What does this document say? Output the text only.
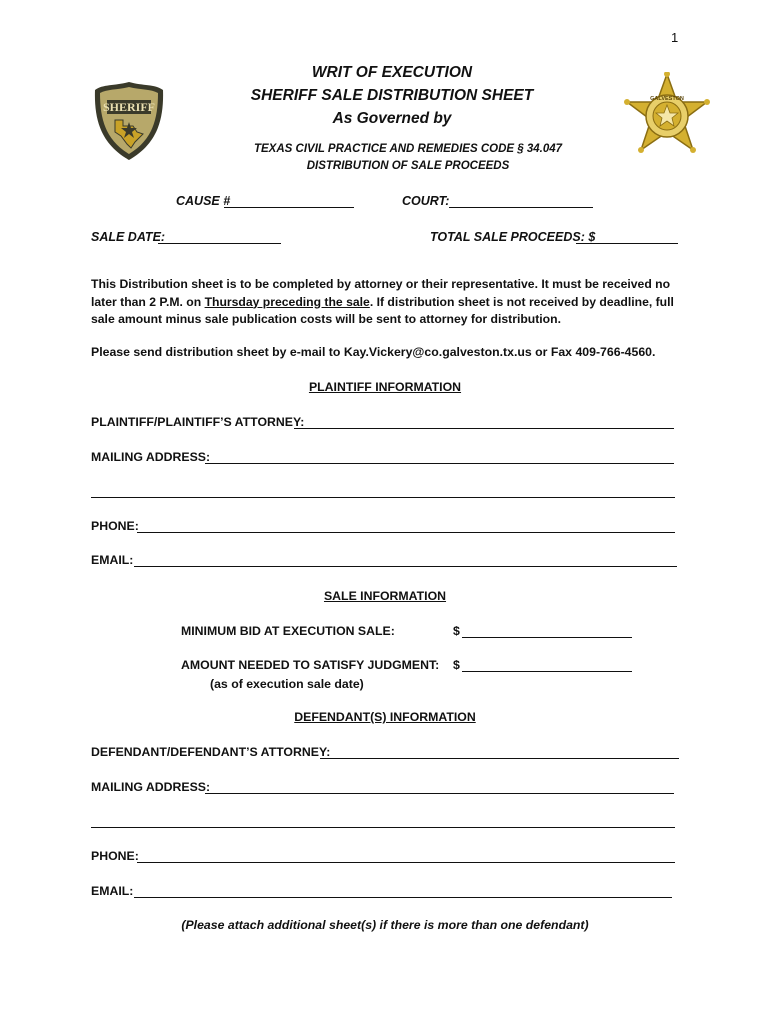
1
SHERIFF
GALVESTON
WRIT OF EXECUTION
SHERIFF SALE DISTRIBUTION SHEET
As Governed by
TEXAS CIVIL PRACTICE AND REMEDIES CODE § 34.047
DISTRIBUTION OF SALE PROCEEDS
CAUSE #	COURT:
SALE DATE:	TOTAL SALE PROCEEDS: $
This Distribution sheet is to be completed by attorney or their representative. It must be received no later than 2 P.M. on Thursday preceding the sale. If distribution sheet is not received by deadline, full sale amount minus sale publication costs will be sent to attorney for distribution.
Please send distribution sheet by e-mail to Kay.Vickery@co.galveston.tx.us or Fax 409-766-4560.
PLAINTIFF INFORMATION
PLAINTIFF/PLAINTIFF’S ATTORNEY:
MAILING ADDRESS:
PHONE:
EMAIL:
SALE INFORMATION
MINIMUM BID AT EXECUTION SALE:	$
AMOUNT NEEDED TO SATISFY JUDGMENT: $
(as of execution sale date)
DEFENDANT(S) INFORMATION
DEFENDANT/DEFENDANT’S ATTORNEY:
MAILING ADDRESS:
PHONE:
EMAIL:
(Please attach additional sheet(s) if there is more than one defendant)
